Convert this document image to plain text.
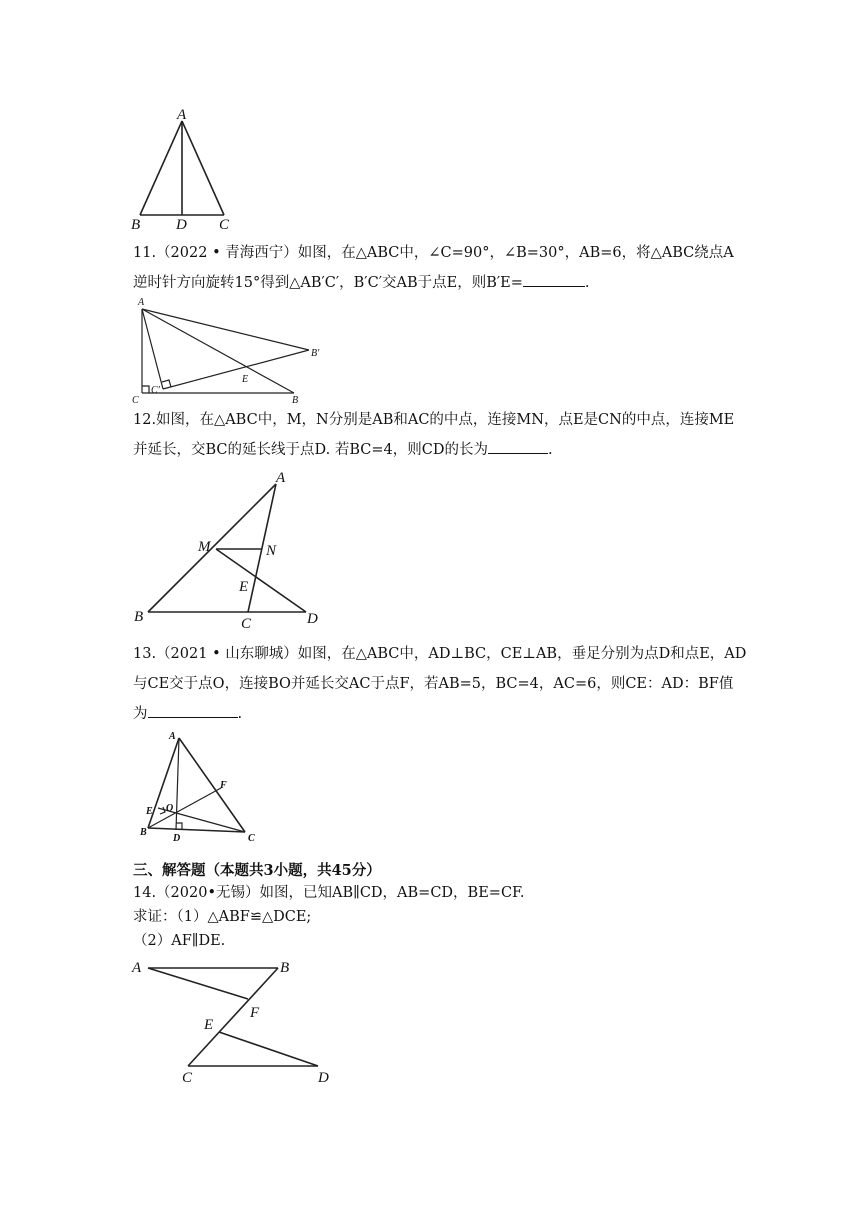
A
B D C
11.（2022 • 青海西宁）如图，在△ABC中，∠C=90°，∠B=30°，AB=6，将△ABC绕点A
逆时针方向旋转15°得到△AB′C′，B′C′交AB于点E，则B′E=	.
A
C
C′
E
B
B′
12.如图，在△ABC中，M，N分别是AB和AC的中点，连接MN，点E是CN的中点，连接ME
并延长，交BC的延长线于点D. 若BC=4，则CD的长为	.
A
M	N
E
B	C	D
13.（2021 • 山东聊城）如图，在△ABC中，AD⊥BC，CE⊥AB，垂足分别为点D和点E，AD
与CE交于点O，连接BO并延长交AC于点F，若AB=5，BC=4，AC=6，则CE：AD：BF值
为	.
A
F
E O
B
D	C
三、解答题（本题共3小题，共45分）
14.（2020•无锡）如图，已知AB∥CD，AB=CD，BE=CF.
求证：（1）△ABF≌△DCE;
（2）AF∥DE.
A	B
F
E
C	D
